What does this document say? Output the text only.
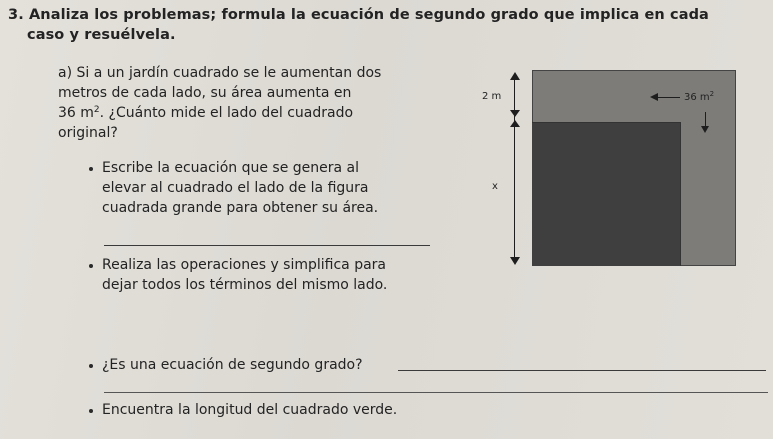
3. Analiza los problemas; formula la ecuación de segundo grado que implica en cada
caso y resuélvela.
a) Si a un jardín cuadrado se le aumentan dos
metros de cada lado, su área aumenta en
36 $m^2$. ¿Cuánto mide el lado del cuadrado
original?
Escribe la ecuación que se genera al
elevar al cuadrado el lado de la figura
cuadrada grande para obtener su área.
Realiza las operaciones y simplifica para
dejar todos los términos del mismo lado.
¿Es una ecuación de segundo grado?
Encuentra la longitud del cuadrado verde.
2 m
x
36 $m^2$
